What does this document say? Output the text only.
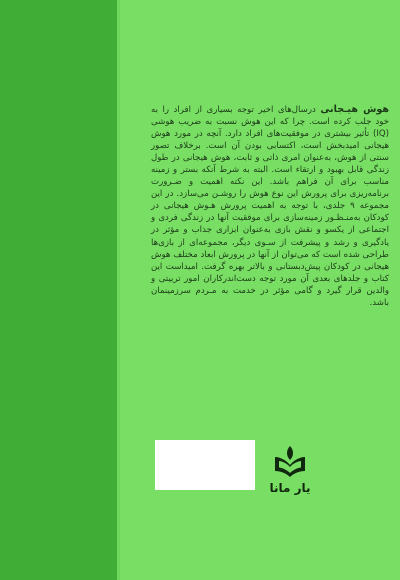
هوش هیـجانی درسال‌های اخیر توجه بسیاری از افراد را به خود جلب کرده است. چرا که این هوش نسبت به ضریب هوشی (IQ) تأثیر بیشتری در موفقیت‌های افراد دارد. آنچه در مورد هوش هیجانی امیدبخش است، اکتسابی بودن آن است. برخلاف تصور سنتی از هوش، به‌عنوان امری ذاتی و ثابت، هوش هیجانی در طول زندگی قابل بهبود و ارتقاء است. البته به شرط آنکه بستر و زمینه مناسب برای آن فراهم باشد. این نکته اهمیت و ضـرورت برنامه‌ریزی برای پرورش این نوع هوش را روشـن می‌سازد. در این مجموعه ۹ جلدی، با توجه به اهمیت پرورش هـوش هیجانی در کودکان به‌منـظـور زمینه‌سازی برای موفقیت آنها در زندگی فردی و اجتماعی از یکسو و نقش بازی به‌عنوان ابزاری جذاب و مؤثر در یادگیری و رشد و پیشرفت از سـوی دیگر، مجموعه‌ای از بازی‌ها طراحی شده است که می‌توان از آنها در پرورش ابعاد مختلف هوش هیجانی در کودکان پیش‌دبستانی و بالاتر بهره گرفت. امیداست این کتاب و جلدهای بعدی آن مورد توجه دست‌اندرکاران امور تربیتی و والدین قرار گیرد و گامی مؤثر در خدمت به مـردم سرزمینمان باشد.
یار مانا
